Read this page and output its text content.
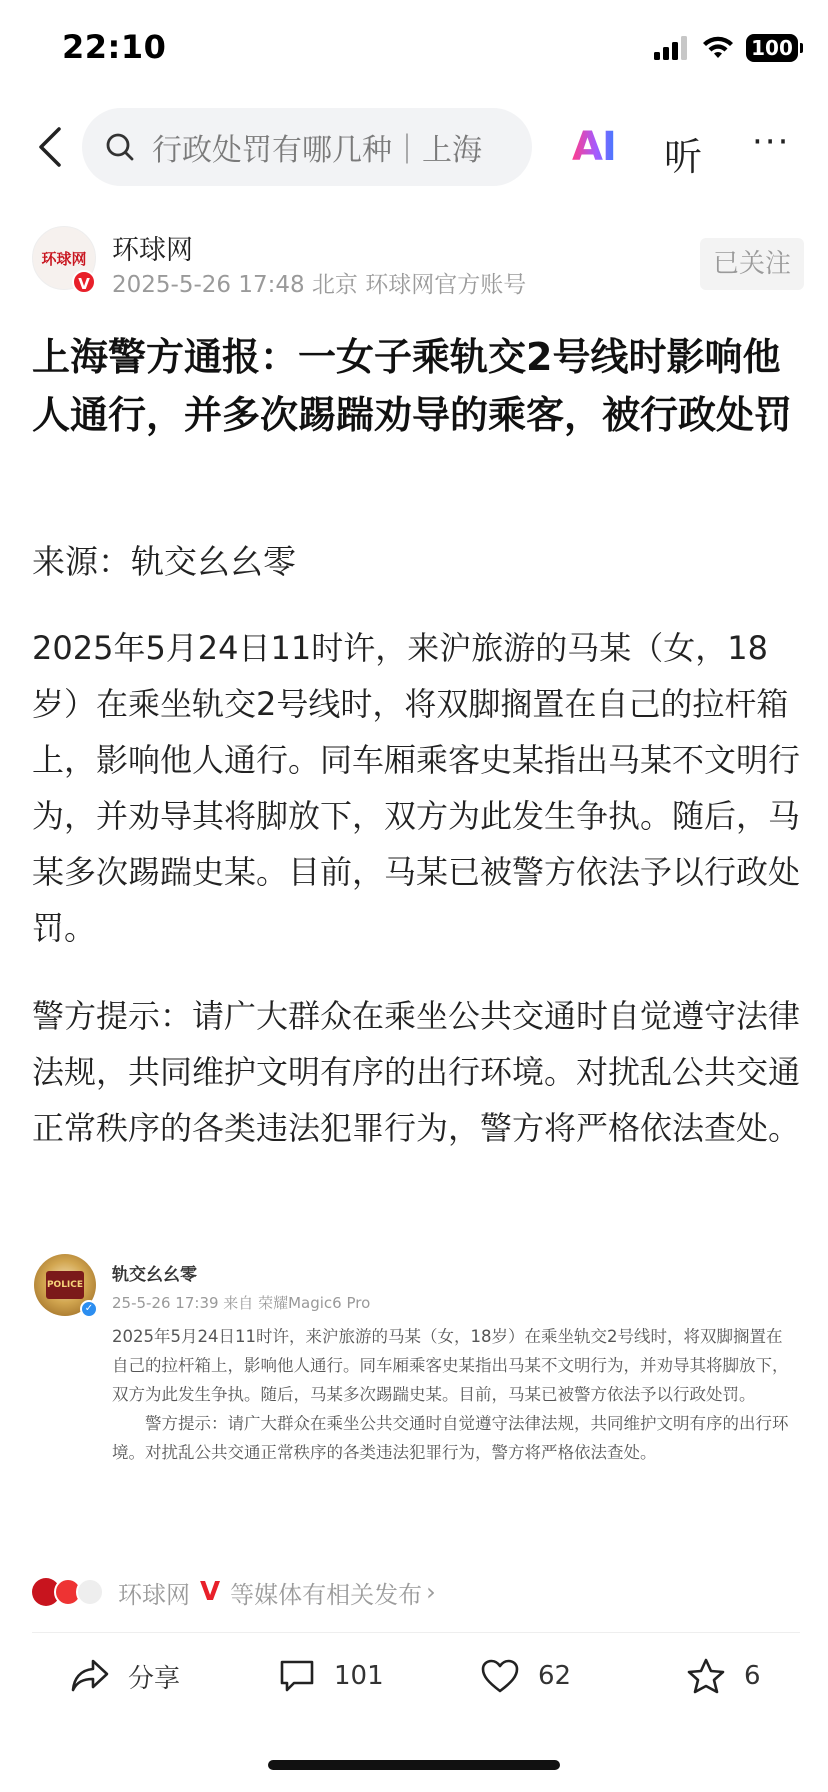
22:10	100
行政处罚有哪几种｜上海 AI 听 ···
环球网
V
环球网
2025-5-26 17:48 北京 环球网官方账号
已关注
上海警方通报：一女子乘轨交2号线时影响他人通行，并多次踢踹劝导的乘客，被行政处罚
来源：轨交幺幺零

2025年5月24日11时许，来沪旅游的马某（女，18岁）在乘坐轨交2号线时，将双脚搁置在自己的拉杆箱上，影响他人通行。同车厢乘客史某指出马某不文明行为，并劝导其将脚放下，双方为此发生争执。随后，马某多次踢踹史某。目前，马某已被警方依法予以行政处罚。

警方提示：请广大群众在乘坐公共交通时自觉遵守法律法规，共同维护文明有序的出行环境。对扰乱公共交通正常秩序的各类违法犯罪行为，警方将严格依法查处。

POLICE
✓
轨交幺幺零
25-5-26 17:39 来自 荣耀Magic6 Pro

2025年5月24日11时许，来沪旅游的马某（女，18岁）在乘坐轨交2号线时，将双脚搁置在自己的拉杆箱上，影响他人通行。同车厢乘客史某指出马某不文明行为，并劝导其将脚放下，双方为此发生争执。随后，马某多次踢踹史某。目前，马某已被警方依法予以行政处罚。

警方提示：请广大群众在乘坐公共交通时自觉遵守法律法规，共同维护文明有序的出行环境。对扰乱公共交通正常秩序的各类违法犯罪行为，警方将严格依法查处。

环球网 V 等媒体有相关发布 ›
分享	101	62	6
